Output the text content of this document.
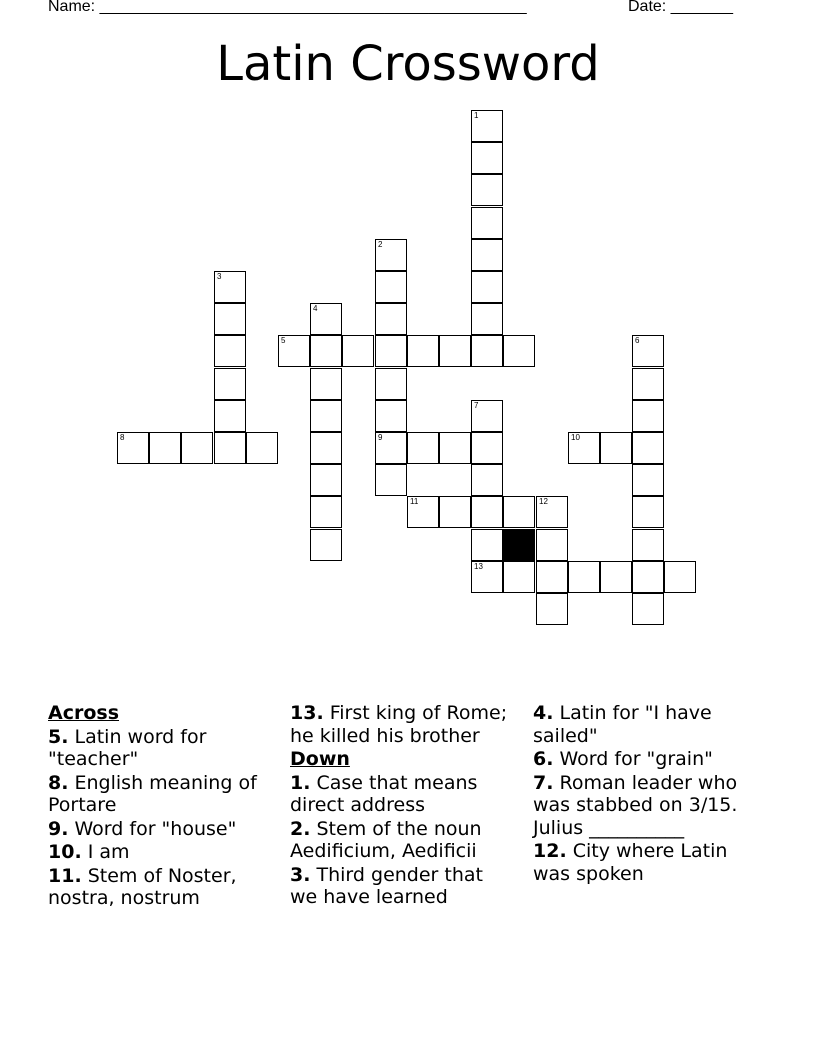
Name: ________________________________________________	Date: _______
Latin Crossword
1
2
3
4
5	6
7
8	9	10
11	12
13
Across
5. Latin word for "teacher"
8. English meaning of Portare
9. Word for "house"
10. I am
11. Stem of Noster, nostra, nostrum
13. First king of Rome; he killed his brother
Down
1. Case that means direct address
2. Stem of the noun Aedificium, Aedificii
3. Third gender that we have learned
4. Latin for "I have sailed"
6. Word for "grain"
7. Roman leader who was stabbed on 3/15. Julius __________
12. City where Latin was spoken
